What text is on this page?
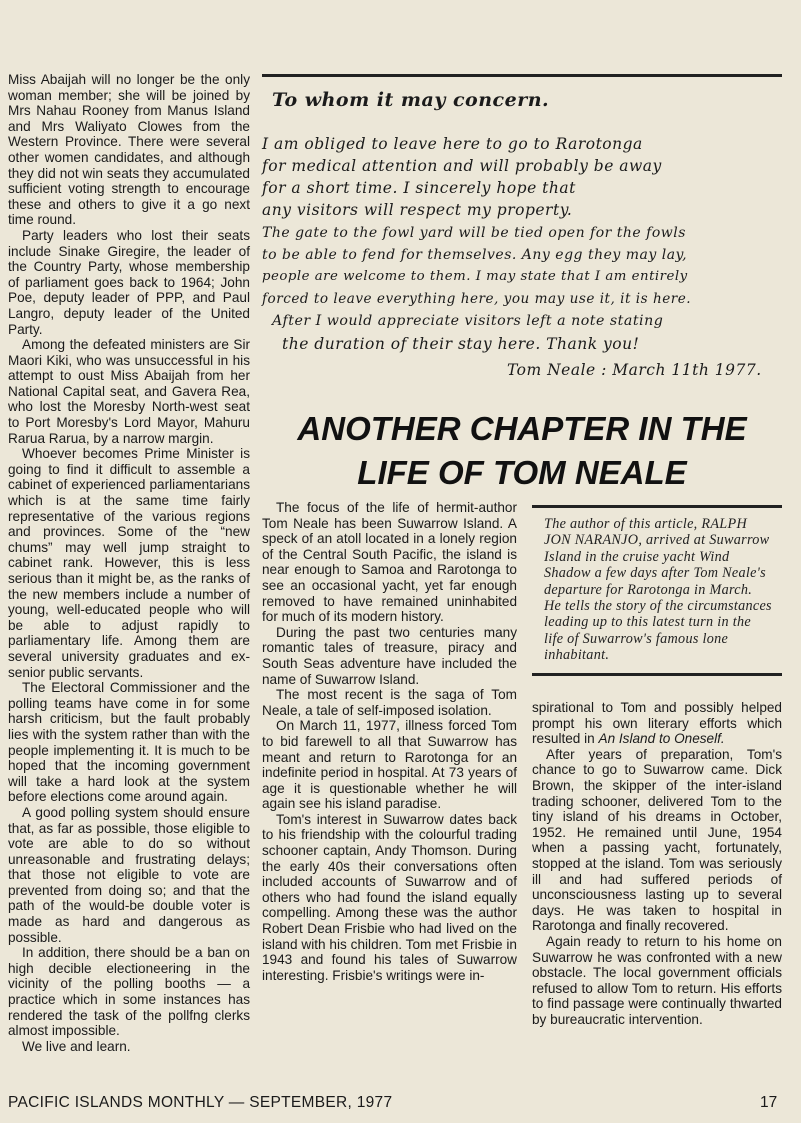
Miss Abaijah will no longer be the only woman member; she will be joined by Mrs Nahau Rooney from Manus Island and Mrs Waliyato Clowes from the Western Province. There were several other women candidates, and although they did not win seats they accumulated sufficient voting strength to encourage these and others to give it a go next time round.

Party leaders who lost their seats include Sinake Giregire, the leader of the Country Party, whose membership of parliament goes back to 1964; John Poe, deputy leader of PPP, and Paul Langro, deputy leader of the United Party.

Among the defeated ministers are Sir Maori Kiki, who was unsuccessful in his attempt to oust Miss Abaijah from her National Capital seat, and Gavera Rea, who lost the Moresby North-west seat to Port Moresby's Lord Mayor, Mahuru Rarua Rarua, by a narrow margin.

Whoever becomes Prime Minister is going to find it difficult to assemble a cabinet of experienced parliamentarians which is at the same time fairly representative of the various regions and provinces. Some of the “new chums” may well jump straight to cabinet rank. However, this is less serious than it might be, as the ranks of the new members include a number of young, well-educated people who will be able to adjust rapidly to parliamentary life. Among them are several university graduates and ex-senior public servants.

The Electoral Commissioner and the polling teams have come in for some harsh criticism, but the fault probably lies with the system rather than with the people implementing it. It is much to be hoped that the incoming government will take a hard look at the system before elections come around again.

A good polling system should ensure that, as far as possible, those eligible to vote are able to do so without unreasonable and frustrating delays; that those not eligible to vote are prevented from doing so; and that the path of the would-be double voter is made as hard and dangerous as possible.

In addition, there should be a ban on high decible electioneering in the vicinity of the polling booths — a practice which in some instances has rendered the task of the pollfng clerks almost impossible.

We live and learn.

To whom it may concern.
I am obliged to leave here to go to Rarotonga
for medical attention and will probably be away
for a short time. I sincerely hope that
any visitors will respect my property.
The gate to the fowl yard will be tied open for the fowls
to be able to fend for themselves. Any egg they may lay,
people are welcome to them. I may state that I am entirely
forced to leave everything here, you may use it, it is here.
After I would appreciate visitors left a note stating
the duration of their stay here. Thank you!
Tom Neale : March 11th 1977.
ANOTHER CHAPTER IN THE
LIFE OF TOM NEALE

The focus of the life of hermit-author Tom Neale has been Suwarrow Island. A speck of an atoll located in a lonely region of the Central South Pacific, the island is near enough to Samoa and Rarotonga to see an occasional yacht, yet far enough removed to have remained uninhabited for much of its modern history.

During the past two centuries many romantic tales of treasure, piracy and South Seas adventure have included the name of Suwarrow Island.

The most recent is the saga of Tom Neale, a tale of self-imposed isolation.

On March 11, 1977, illness forced Tom to bid farewell to all that Suwarrow has meant and return to Rarotonga for an indefinite period in hospital. At 73 years of age it is questionable whether he will again see his island paradise.

Tom's interest in Suwarrow dates back to his friendship with the colourful trading schooner captain, Andy Thomson. During the early 40s their conversations often included accounts of Suwarrow and of others who had found the island equally compelling. Among these was the author Robert Dean Frisbie who had lived on the island with his children. Tom met Frisbie in 1943 and found his tales of Suwarrow interesting. Frisbie's writings were in-

The author of this article, RALPH JON NARANJO, arrived at Suwarrow Island in the cruise yacht Wind Shadow a few days after Tom Neale's departure for Rarotonga in March. He tells the story of the circumstances leading up to this latest turn in the life of Suwarrow's famous lone inhabitant.

spirational to Tom and possibly helped prompt his own literary efforts which resulted in An Island to Oneself.

After years of preparation, Tom's chance to go to Suwarrow came. Dick Brown, the skipper of the inter-island trading schooner, delivered Tom to the tiny island of his dreams in October, 1952. He remained until June, 1954 when a passing yacht, fortunately, stopped at the island. Tom was seriously ill and had suffered periods of unconsciousness lasting up to several days. He was taken to hospital in Rarotonga and finally recovered.

Again ready to return to his home on Suwarrow he was confronted with a new obstacle. The local government officials refused to allow Tom to return. His efforts to find passage were continually thwarted by bureaucratic intervention.

PACIFIC ISLANDS MONTHLY — SEPTEMBER, 1977	17
